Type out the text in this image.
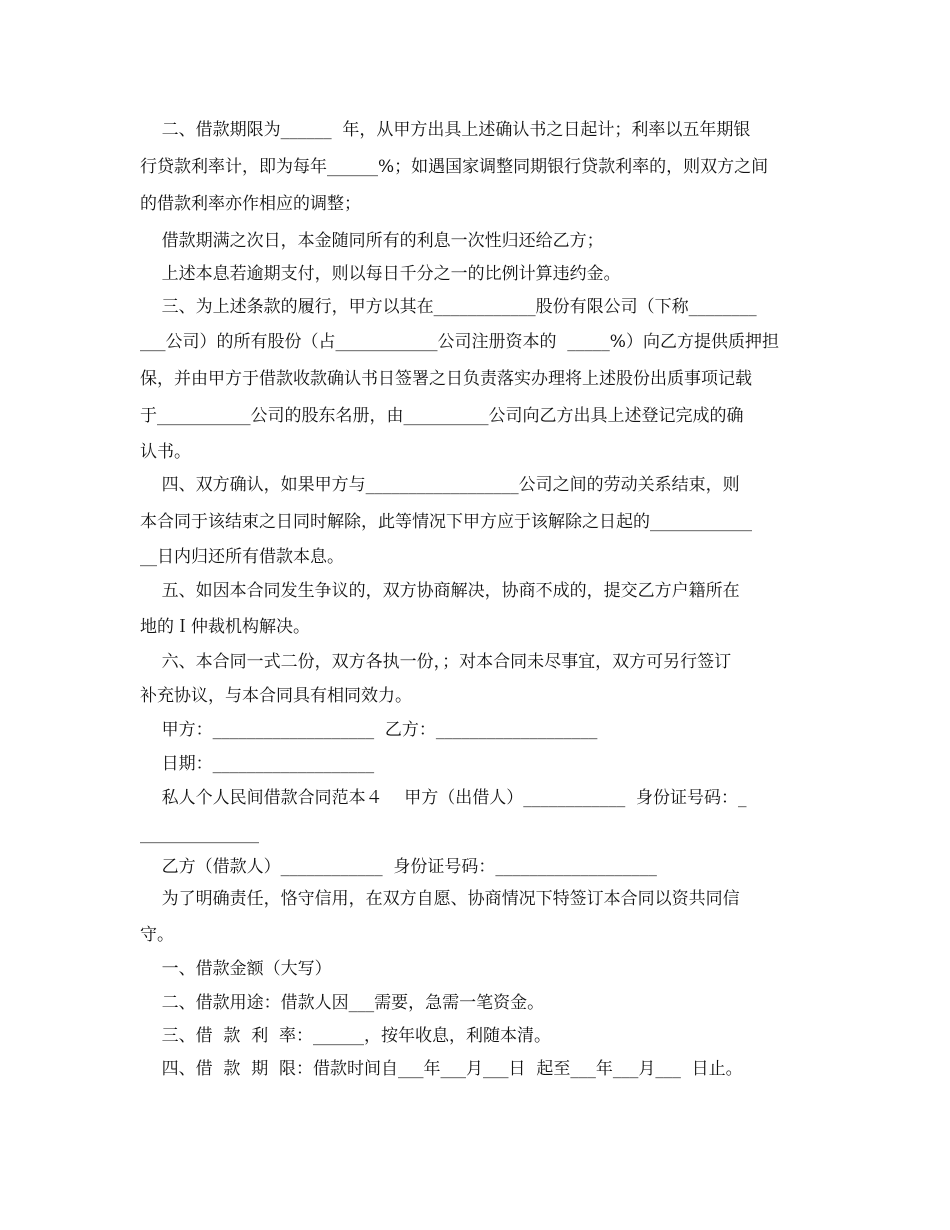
二、借款期限为______  年，从甲方出具上述确认书之日起计；利率以五年期银
行贷款利率计，即为每年______%；如遇国家调整同期银行贷款利率的，则双方之间
的借款利率亦作相应的调整；
借款期满之次日，本金随同所有的利息一次性归还给乙方；
上述本息若逾期支付，则以每日千分之一的比例计算违约金。
三、为上述条款的履行，甲方以其在____________股份有限公司（下称________
___公司）的所有股份（占____________公司注册资本的  _____%）向乙方提供质押担
保，并由甲方于借款收款确认书日签署之日负责落实办理将上述股份出质事项记载
于___________公司的股东名册，由__________公司向乙方出具上述登记完成的确
认书。
四、双方确认，如果甲方与__________________公司之间的劳动关系结束，则
本合同于该结束之日同时解除，此等情况下甲方应于该解除之日起的____________
__日内归还所有借款本息。
五、如因本合同发生争议的，双方协商解决，协商不成的，提交乙方户籍所在
地的Ｉ仲裁机构解决。
六、本合同一式二份，双方各执一份，；对本合同未尽事宜，双方可另行签订
补充协议，与本合同具有相同效力。
甲方：___________________  乙方：___________________
日期：___________________
私人个人民间借款合同范本４    甲方（出借人）____________  身份证号码：_
______________
乙方（借款人）____________  身份证号码：___________________
为了明确责任，恪守信用，在双方自愿、协商情况下特签订本合同以资共同信
守。
一、借款金额（大写）
二、借款用途：借款人因___需要，急需一笔资金。
三、借  款  利  率：______，按年收息，利随本清。
四、借  款  期  限：借款时间自___年___月___日  起至___年___月___  日止。
